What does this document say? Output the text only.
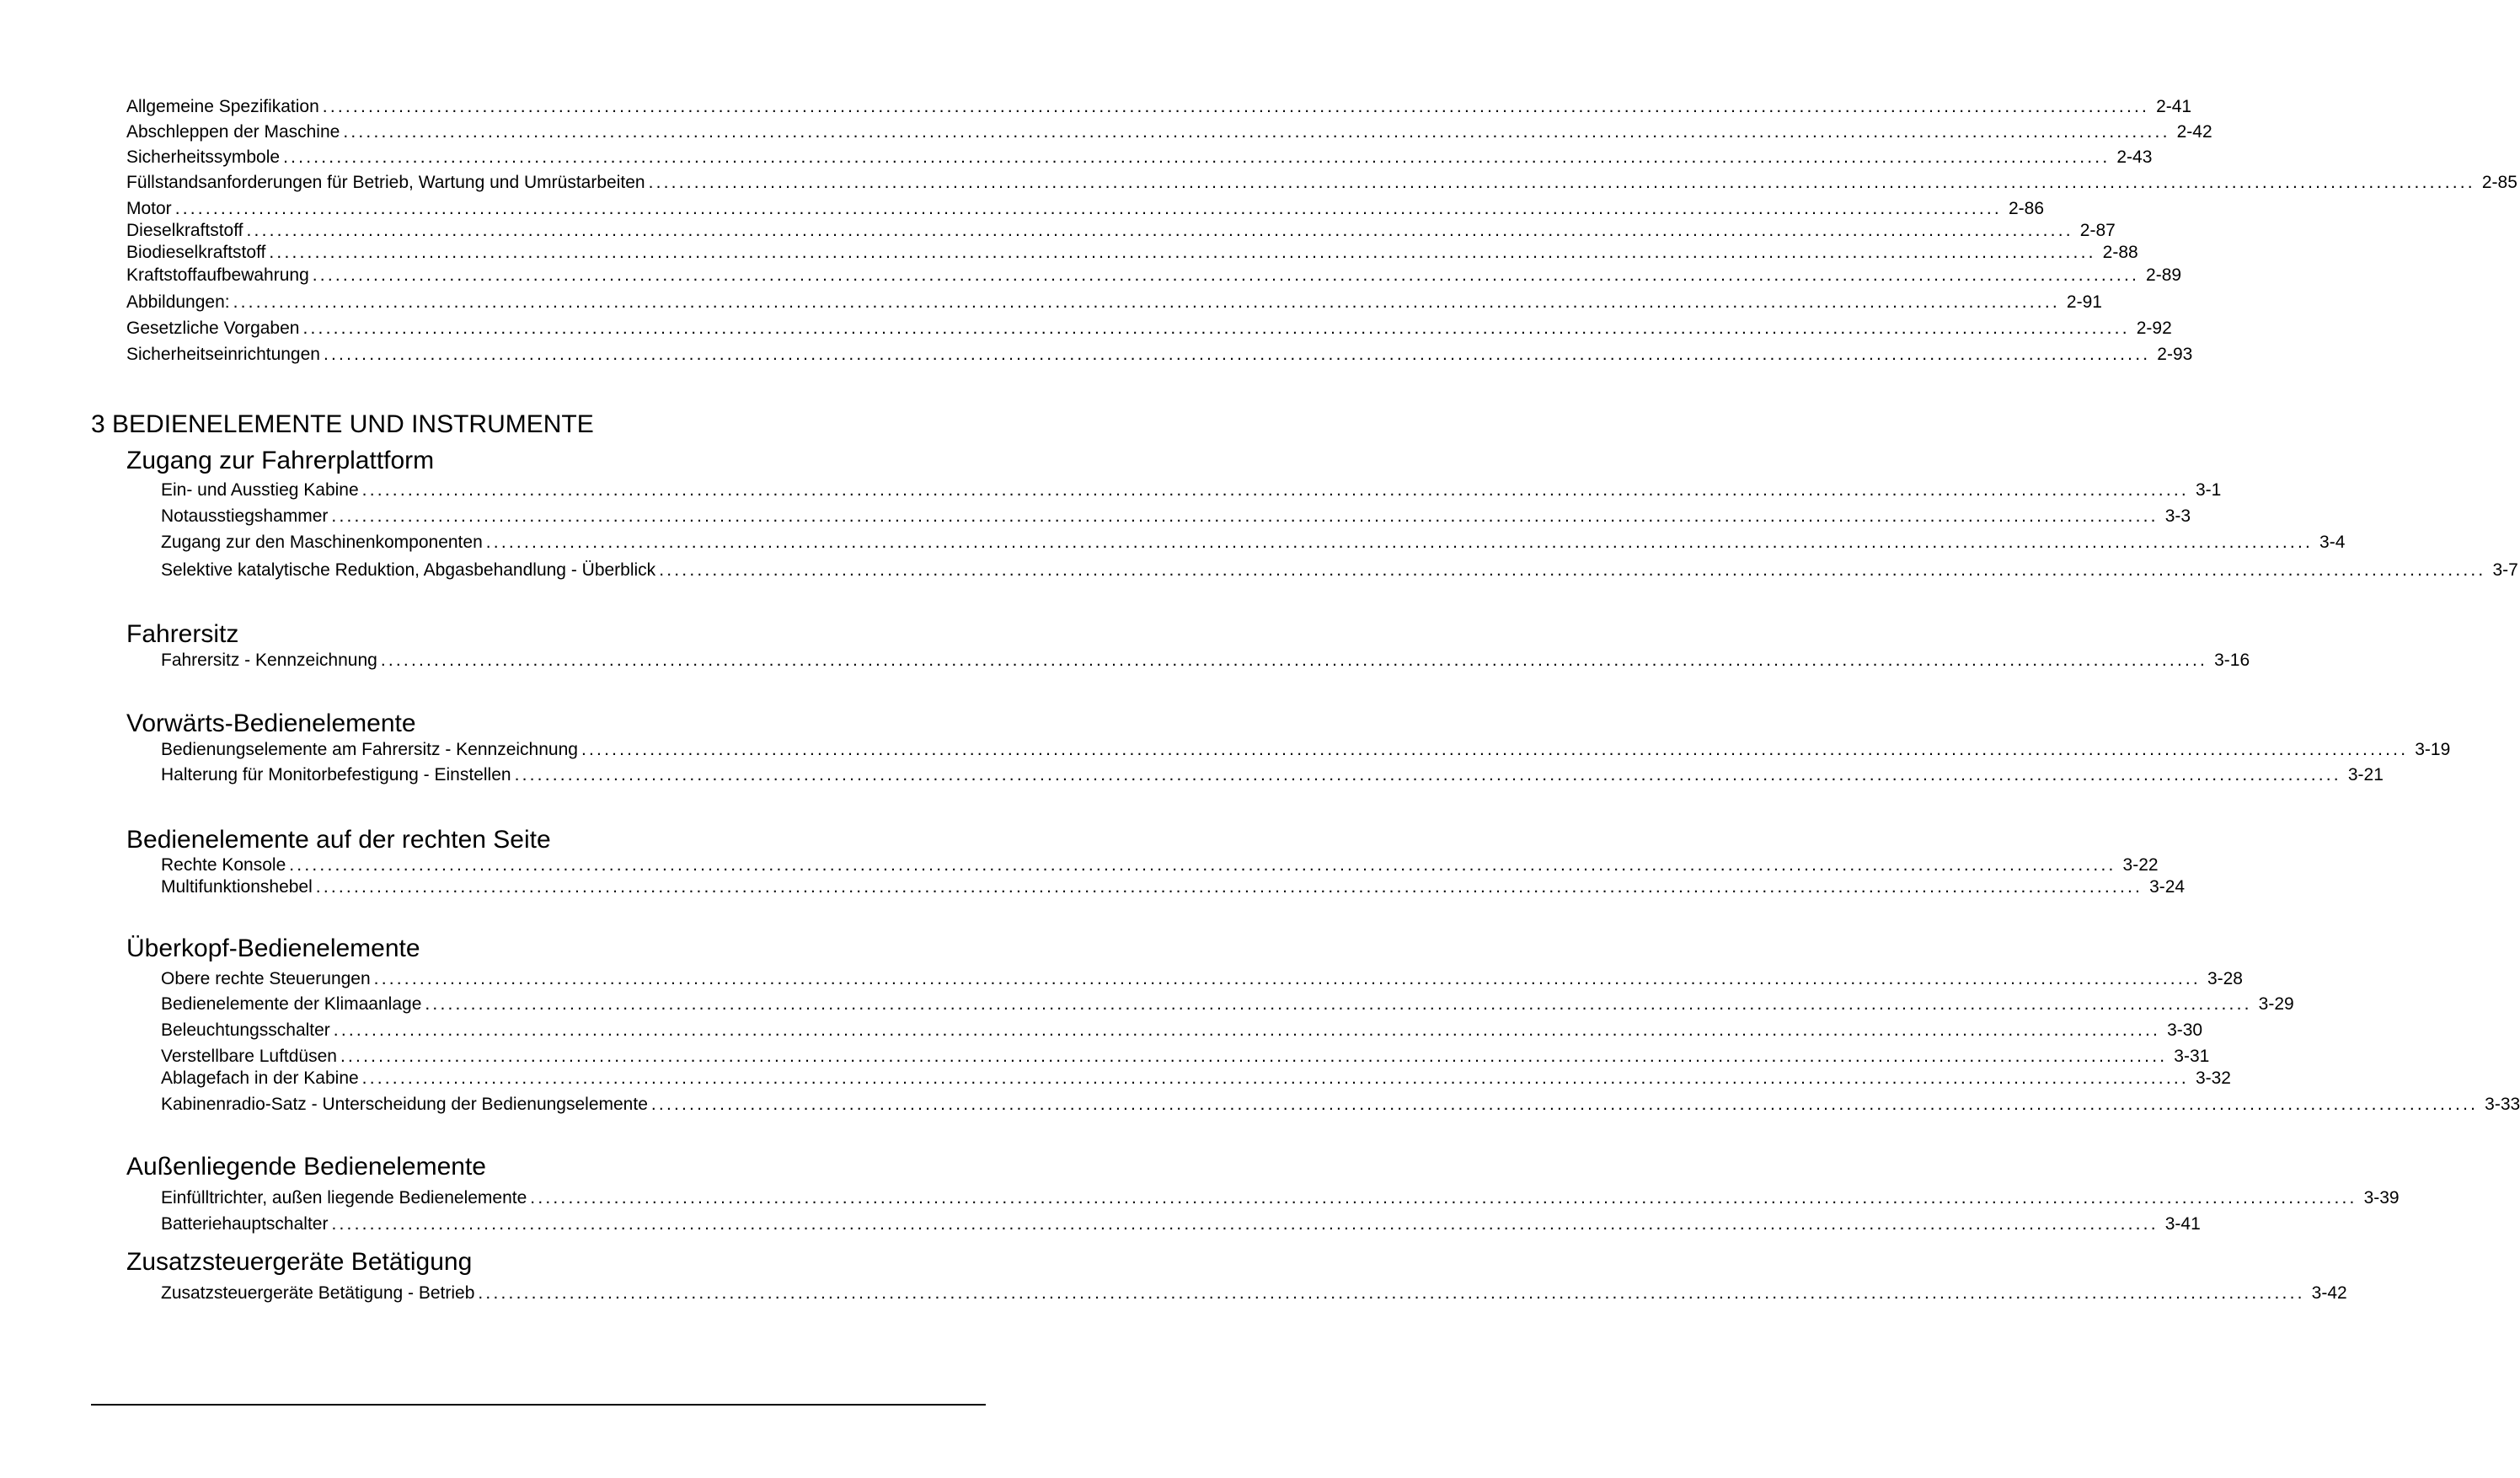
Allgemeine Spezifikation ................................................................................................................................................................................................................................................ 2-41
Abschleppen der Maschine ................................................................................................................................................................................................................................................ 2-42
Sicherheitssymbole ................................................................................................................................................................................................................................................ 2-43
Füllstandsanforderungen für Betrieb, Wartung und Umrüstarbeiten ................................................................................................................................................................................................................................................ 2-85
Motor ................................................................................................................................................................................................................................................ 2-86
Dieselkraftstoff ................................................................................................................................................................................................................................................ 2-87
Biodieselkraftstoff ................................................................................................................................................................................................................................................ 2-88
Kraftstoffaufbewahrung ................................................................................................................................................................................................................................................ 2-89
Abbildungen: ................................................................................................................................................................................................................................................ 2-91
Gesetzliche Vorgaben ................................................................................................................................................................................................................................................ 2-92
Sicherheitseinrichtungen ................................................................................................................................................................................................................................................ 2-93
3 BEDIENELEMENTE UND INSTRUMENTE
Zugang zur Fahrerplattform
Ein- und Ausstieg Kabine ................................................................................................................................................................................................................................................ 3-1
Notausstiegshammer ................................................................................................................................................................................................................................................ 3-3
Zugang zur den Maschinenkomponenten ................................................................................................................................................................................................................................................ 3-4
Selektive katalytische Reduktion, Abgasbehandlung - Überblick ................................................................................................................................................................................................................................................ 3-7
Fahrersitz
Fahrersitz - Kennzeichnung ................................................................................................................................................................................................................................................ 3-16
Vorwärts-Bedienelemente
Bedienungselemente am Fahrersitz - Kennzeichnung ................................................................................................................................................................................................................................................ 3-19
Halterung für Monitorbefestigung - Einstellen ................................................................................................................................................................................................................................................ 3-21
Bedienelemente auf der rechten Seite
Rechte Konsole ................................................................................................................................................................................................................................................ 3-22
Multifunktionshebel ................................................................................................................................................................................................................................................ 3-24
Überkopf-Bedienelemente
Obere rechte Steuerungen ................................................................................................................................................................................................................................................ 3-28
Bedienelemente der Klimaanlage ................................................................................................................................................................................................................................................ 3-29
Beleuchtungsschalter ................................................................................................................................................................................................................................................ 3-30
Verstellbare Luftdüsen ................................................................................................................................................................................................................................................ 3-31
Ablagefach in der Kabine ................................................................................................................................................................................................................................................ 3-32
Kabinenradio-Satz - Unterscheidung der Bedienungselemente ................................................................................................................................................................................................................................................ 3-33
Außenliegende Bedienelemente
Einfülltrichter, außen liegende Bedienelemente ................................................................................................................................................................................................................................................ 3-39
Batteriehauptschalter ................................................................................................................................................................................................................................................ 3-41
Zusatzsteuergeräte Betätigung
Zusatzsteuergeräte Betätigung - Betrieb ................................................................................................................................................................................................................................................ 3-42
